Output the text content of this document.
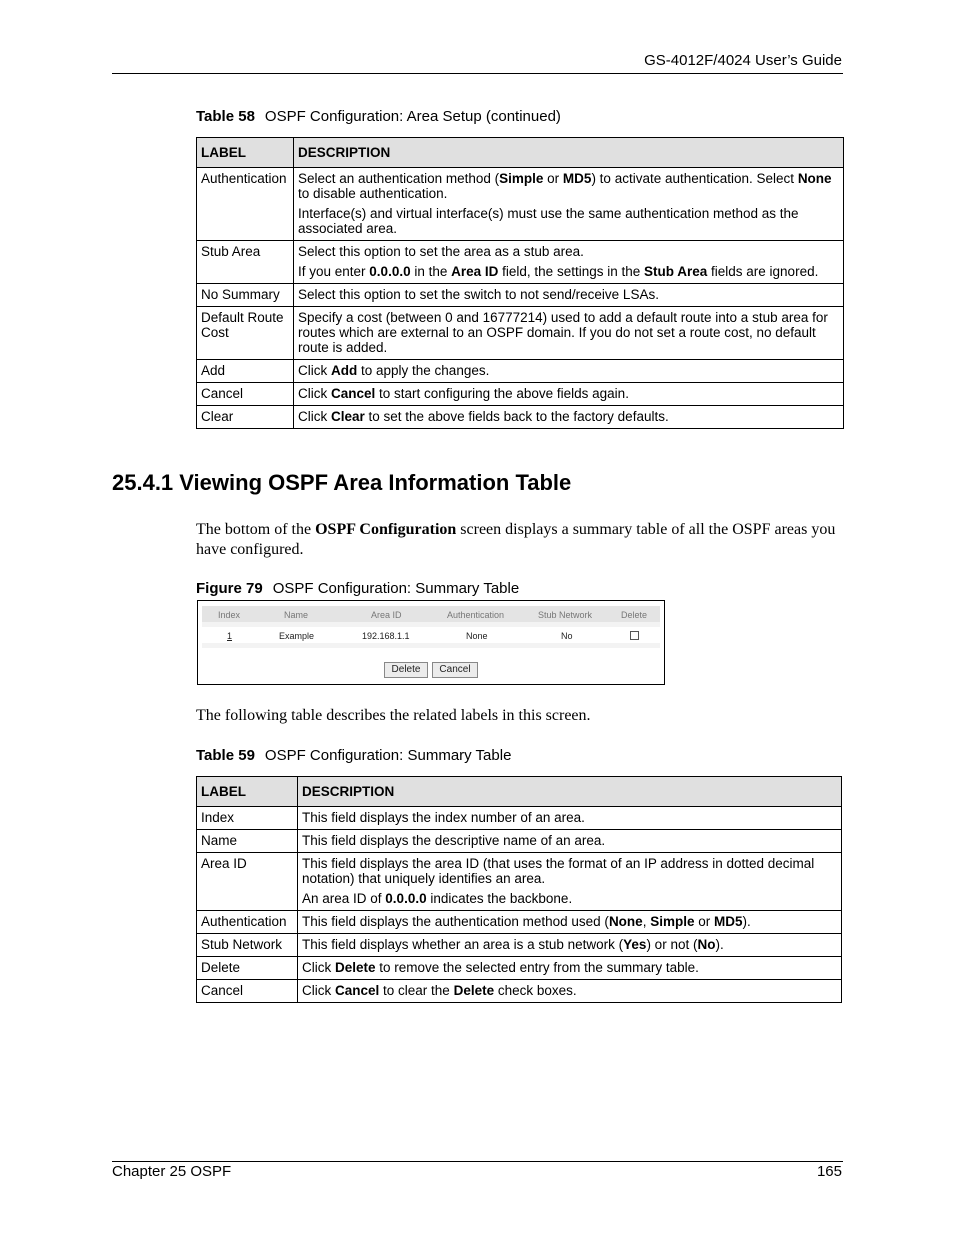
GS-4012F/4024 User’s Guide
Table 58 OSPF Configuration: Area Setup (continued)
LABEL	DESCRIPTION
Authentication	Select an authentication method (Simple or MD5) to activate authentication. Select None to disable authentication.

Interface(s) and virtual interface(s) must use the same authentication method as the associated area.

Stub Area	Select this option to set the area as a stub area.

If you enter 0.0.0.0 in the Area ID field, the settings in the Stub Area fields are ignored.

No Summary	Select this option to set the switch to not send/receive LSAs.
Default Route Cost	Specify a cost (between 0 and 16777214) used to add a default route into a stub area for routes which are external to an OSPF domain. If you do not set a route cost, no default route is added.
Add	Click Add to apply the changes.
Cancel	Click Cancel to start configuring the above fields again.
Clear	Click Clear to set the above fields back to the factory defaults.
25.4.1 Viewing OSPF Area Information Table
The bottom of the OSPF Configuration screen displays a summary table of all the OSPF areas you have configured.
Figure 79 OSPF Configuration: Summary Table
Index	Name	Area ID	Authentication	Stub Network	Delete
1	Example	192.168.1.1	None	No
Delete	Cancel
The following table describes the related labels in this screen.
Table 59 OSPF Configuration: Summary Table
LABEL	DESCRIPTION
Index	This field displays the index number of an area.
Name	This field displays the descriptive name of an area.
Area ID	This field displays the area ID (that uses the format of an IP address in dotted decimal notation) that uniquely identifies an area.

An area ID of 0.0.0.0 indicates the backbone.

Authentication	This field displays the authentication method used (None, Simple or MD5).
Stub Network	This field displays whether an area is a stub network (Yes) or not (No).
Delete	Click Delete to remove the selected entry from the summary table.
Cancel	Click Cancel to clear the Delete check boxes.
Chapter 25 OSPF	165
